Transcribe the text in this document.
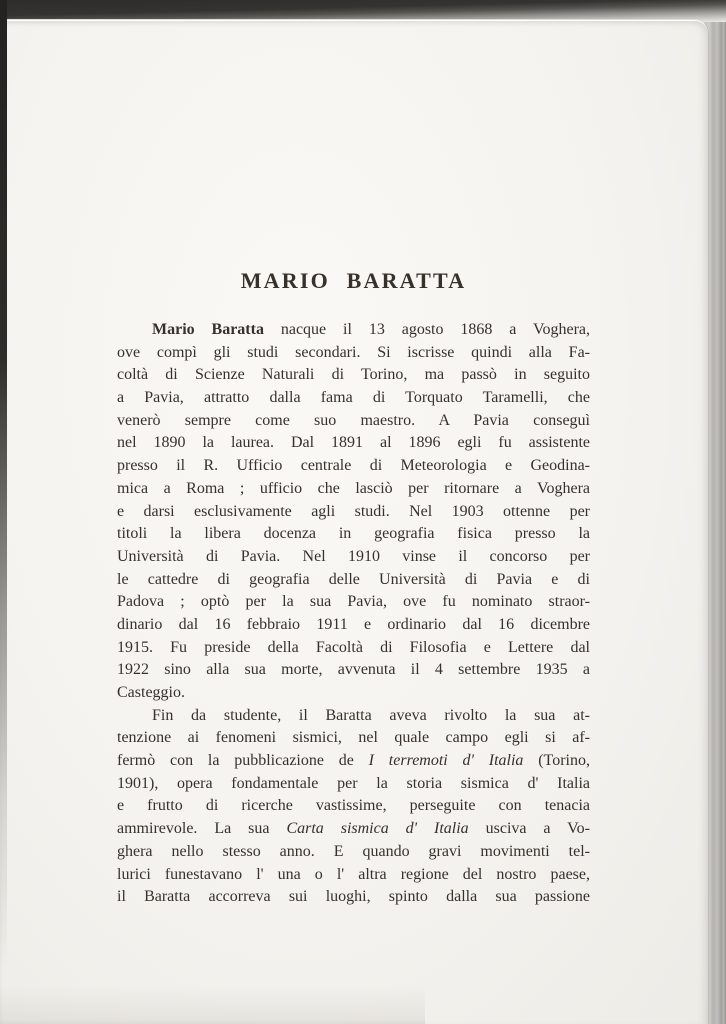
MARIO BARATTA
Mario Baratta nacque il 13 agosto 1868 a Voghera,
ove compì gli studi secondari. Si iscrisse quindi alla Fa-
coltà di Scienze Naturali di Torino, ma passò in seguito
a Pavia, attratto dalla fama di Torquato Taramelli, che
venerò sempre come suo maestro. A Pavia conseguì
nel 1890 la laurea. Dal 1891 al 1896 egli fu assistente
presso il R. Ufficio centrale di Meteorologia e Geodina-
mica a Roma ; ufficio che lasciò per ritornare a Voghera
e darsi esclusivamente agli studi. Nel 1903 ottenne per
titoli la libera docenza in geografia fisica presso la
Università di Pavia. Nel 1910 vinse il concorso per
le cattedre di geografia delle Università di Pavia e di
Padova ; optò per la sua Pavia, ove fu nominato straor-
dinario dal 16 febbraio 1911 e ordinario dal 16 dicembre
1915. Fu preside della Facoltà di Filosofia e Lettere dal
1922 sino alla sua morte, avvenuta il 4 settembre 1935 a
Casteggio.
Fin da studente, il Baratta aveva rivolto la sua at-
tenzione ai fenomeni sismici, nel quale campo egli si af-
fermò con la pubblicazione de I terremoti d' Italia (Torino,
1901), opera fondamentale per la storia sismica d' Italia
e frutto di ricerche vastissime, perseguite con tenacia
ammirevole. La sua Carta sismica d' Italia usciva a Vo-
ghera nello stesso anno. E quando gravi movimenti tel-
lurici funestavano l' una o l' altra regione del nostro paese,
il Baratta accorreva sui luoghi, spinto dalla sua passione
